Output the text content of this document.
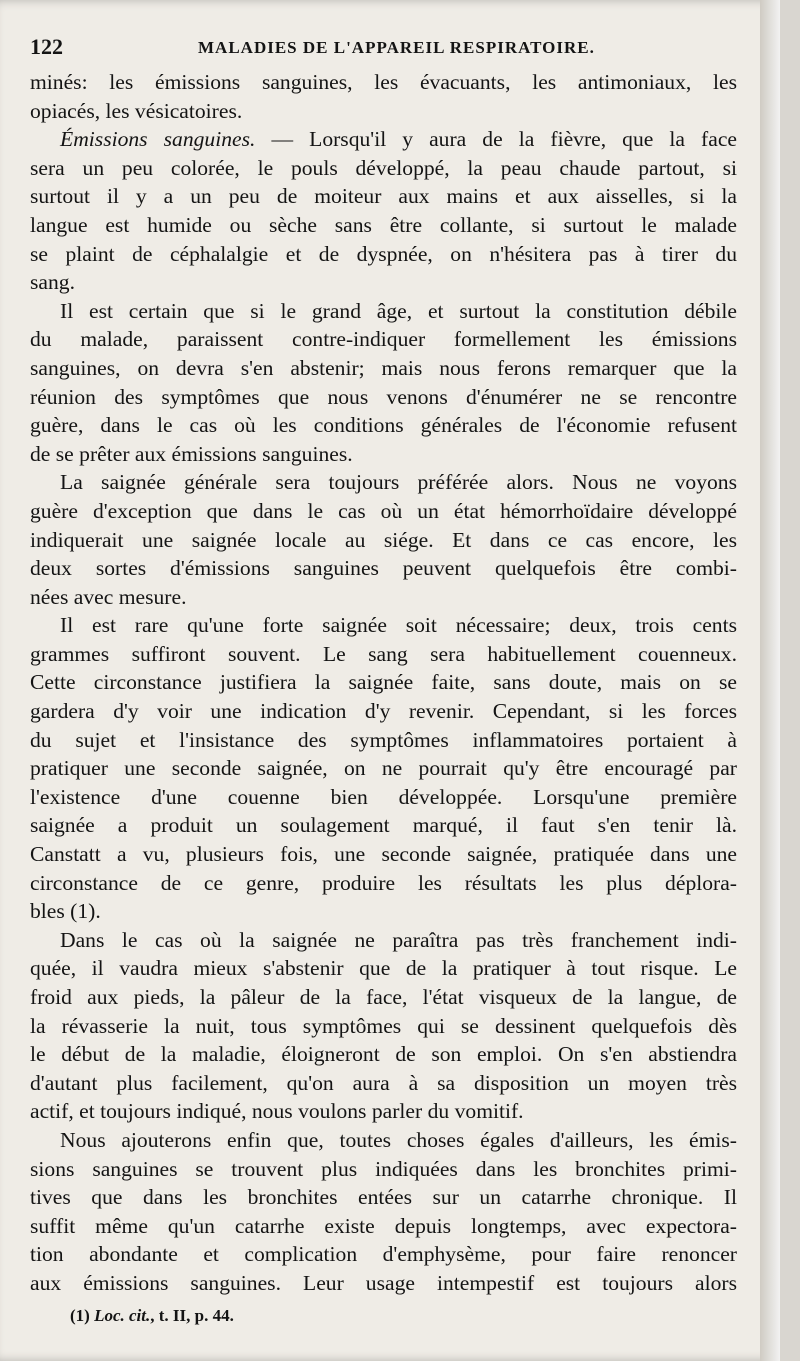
122	MALADIES DE L'APPAREIL RESPIRATOIRE.
minés: les émissions sanguines, les évacuants, les antimoniaux, les
opiacés, les vésicatoires.
Émissions sanguines. — Lorsqu'il y aura de la fièvre, que la face
sera un peu colorée, le pouls développé, la peau chaude partout, si
surtout il y a un peu de moiteur aux mains et aux aisselles, si la
langue est humide ou sèche sans être collante, si surtout le malade
se plaint de céphalalgie et de dyspnée, on n'hésitera pas à tirer du
sang.
Il est certain que si le grand âge, et surtout la constitution débile
du malade, paraissent contre-indiquer formellement les émissions
sanguines, on devra s'en abstenir; mais nous ferons remarquer que la
réunion des symptômes que nous venons d'énumérer ne se rencontre
guère, dans le cas où les conditions générales de l'économie refusent
de se prêter aux émissions sanguines.
La saignée générale sera toujours préférée alors. Nous ne voyons
guère d'exception que dans le cas où un état hémorrhoïdaire développé
indiquerait une saignée locale au siége. Et dans ce cas encore, les
deux sortes d'émissions sanguines peuvent quelquefois être combi-
nées avec mesure.
Il est rare qu'une forte saignée soit nécessaire; deux, trois cents
grammes suffiront souvent. Le sang sera habituellement couenneux.
Cette circonstance justifiera la saignée faite, sans doute, mais on se
gardera d'y voir une indication d'y revenir. Cependant, si les forces
du sujet et l'insistance des symptômes inflammatoires portaient à
pratiquer une seconde saignée, on ne pourrait qu'y être encouragé par
l'existence d'une couenne bien développée. Lorsqu'une première
saignée a produit un soulagement marqué, il faut s'en tenir là.
Canstatt a vu, plusieurs fois, une seconde saignée, pratiquée dans une
circonstance de ce genre, produire les résultats les plus déplora-
bles (1).
Dans le cas où la saignée ne paraîtra pas très franchement indi-
quée, il vaudra mieux s'abstenir que de la pratiquer à tout risque. Le
froid aux pieds, la pâleur de la face, l'état visqueux de la langue, de
la révasserie la nuit, tous symptômes qui se dessinent quelquefois dès
le début de la maladie, éloigneront de son emploi. On s'en abstiendra
d'autant plus facilement, qu'on aura à sa disposition un moyen très
actif, et toujours indiqué, nous voulons parler du vomitif.
Nous ajouterons enfin que, toutes choses égales d'ailleurs, les émis-
sions sanguines se trouvent plus indiquées dans les bronchites primi-
tives que dans les bronchites entées sur un catarrhe chronique. Il
suffit même qu'un catarrhe existe depuis longtemps, avec expectora-
tion abondante et complication d'emphysème, pour faire renoncer
aux émissions sanguines. Leur usage intempestif est toujours alors
(1) Loc. cit., t. II, p. 44.
